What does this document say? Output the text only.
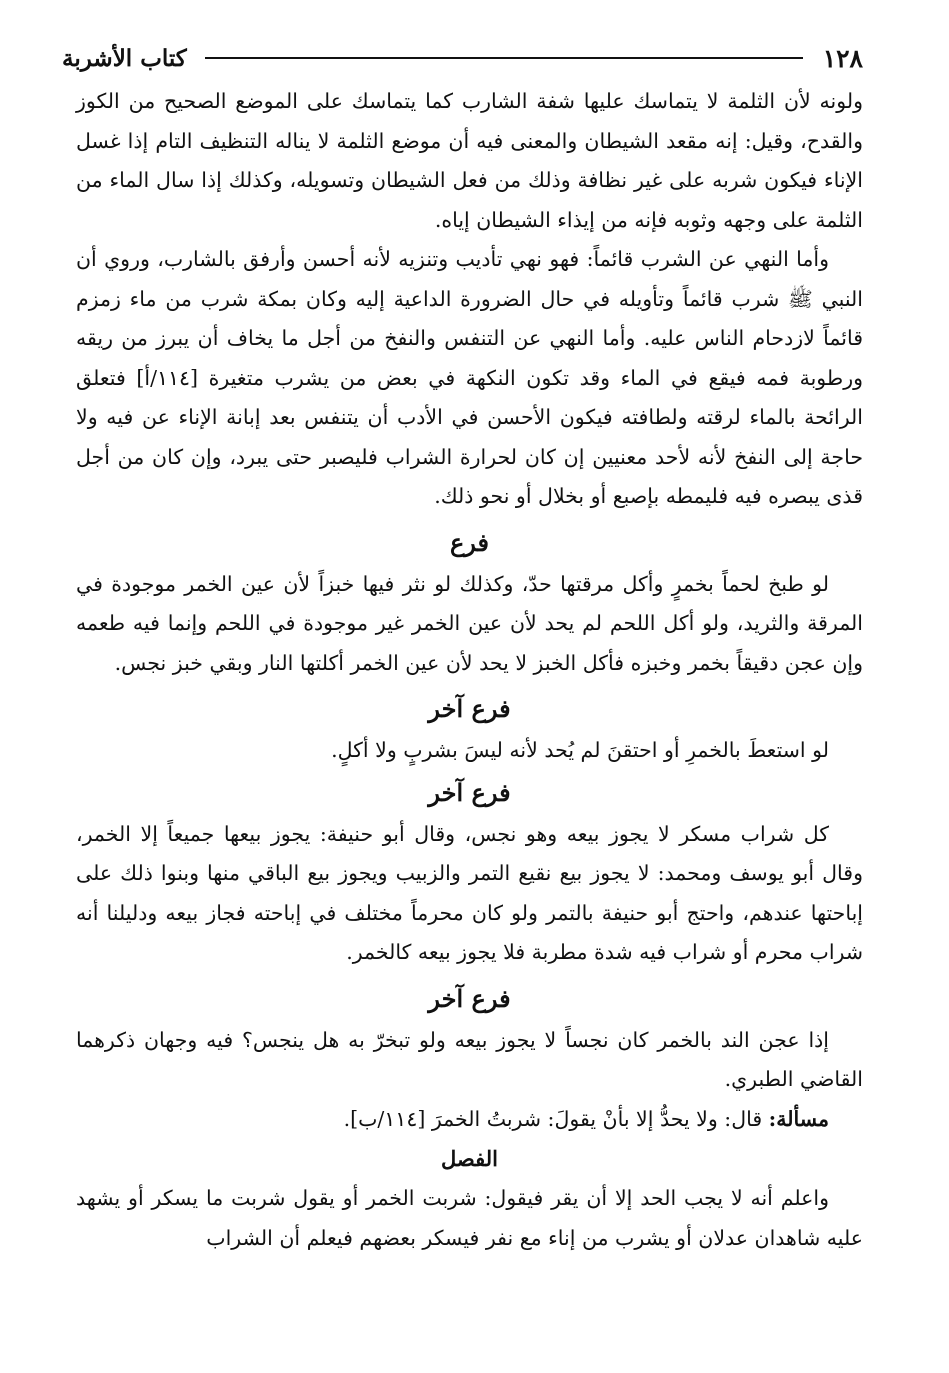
١٢٨
كتاب الأشربة

ولونه لأن الثلمة لا يتماسك عليها شفة الشارب كما يتماسك على الموضع الصحيح من الكوز والقدح، وقيل: إنه مقعد الشيطان والمعنى فيه أن موضع الثلمة لا يناله التنظيف التام إذا غسل الإناء فيكون شربه على غير نظافة وذلك من فعل الشيطان وتسويله، وكذلك إذا سال الماء من الثلمة على وجهه وثوبه فإنه من إيذاء الشيطان إياه.

وأما النهي عن الشرب قائماً: فهو نهي تأديب وتنزيه لأنه أحسن وأرفق بالشارب، وروي أن النبي ﷺ شرب قائماً وتأويله في حال الضرورة الداعية إليه وكان بمكة شرب من ماء زمزم قائماً لازدحام الناس عليه. وأما النهي عن التنفس والنفخ من أجل ما يخاف أن يبرز من ريقه ورطوبة فمه فيقع في الماء وقد تكون النكهة في بعض من يشرب متغيرة [١١٤/أ] فتعلق الرائحة بالماء لرقته ولطافته فيكون الأحسن في الأدب أن يتنفس بعد إبانة الإناء عن فيه ولا حاجة إلى النفخ لأنه لأحد معنيين إن كان لحرارة الشراب فليصبر حتى يبرد، وإن كان من أجل قذى يبصره فيه فليمطه بإصبع أو بخلال أو نحو ذلك.

فرع

لو طبخ لحماً بخمرٍ وأكل مرقتها حدّ، وكذلك لو نثر فيها خبزاً لأن عين الخمر موجودة في المرقة والثريد، ولو أكل اللحم لم يحد لأن عين الخمر غير موجودة في اللحم وإنما فيه طعمه وإن عجن دقيقاً بخمر وخبزه فأكل الخبز لا يحد لأن عين الخمر أكلتها النار وبقي خبز نجس.

فرع آخر

لو استعطَ بالخمرِ أو احتقنَ لم يُحد لأنه ليسَ بشربٍ ولا أكلٍ.

فرع آخر

كل شراب مسكر لا يجوز بيعه وهو نجس، وقال أبو حنيفة: يجوز بيعها جميعاً إلا الخمر، وقال أبو يوسف ومحمد: لا يجوز بيع نقيع التمر والزبيب ويجوز بيع الباقي منها وبنوا ذلك على إباحتها عندهم، واحتج أبو حنيفة بالتمر ولو كان محرماً مختلف في إباحته فجاز بيعه ودليلنا أنه شراب محرم أو شراب فيه شدة مطربة فلا يجوز بيعه كالخمر.

فرع آخر

إذا عجن الند بالخمر كان نجساً لا يجوز بيعه ولو تبخرّ به هل ينجس؟ فيه وجهان ذكرهما القاضي الطبري.

مسألة: قال: ولا يحدُّ إلا بأنْ يقولَ: شربتُ الخمرَ [١١٤/ب].

الفصل

واعلم أنه لا يجب الحد إلا أن يقر فيقول: شربت الخمر أو يقول شربت ما يسكر أو يشهد عليه شاهدان عدلان أو يشرب من إناء مع نفر فيسكر بعضهم فيعلم أن الشراب
